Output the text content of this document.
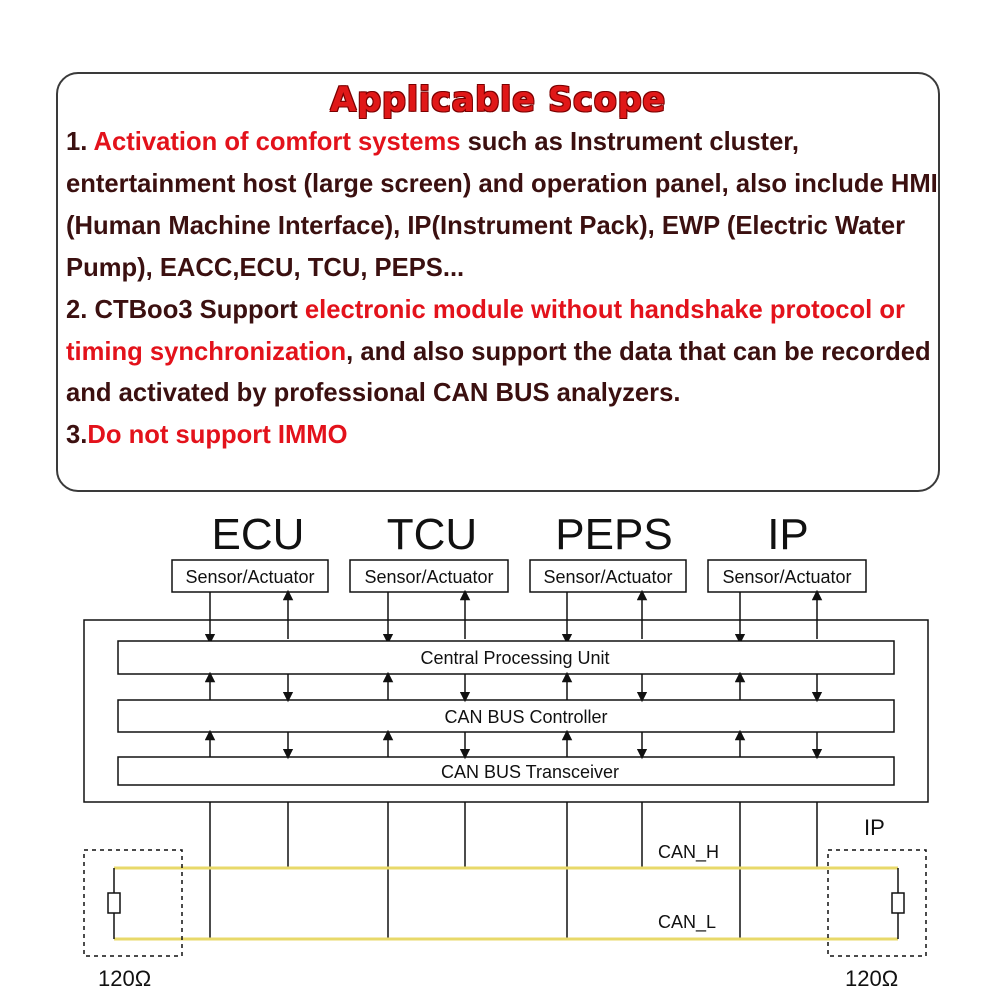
Applicable Scope

1. Activation of comfort systems such as Instrument cluster, entertainment host (large screen) and operation panel, also include HMI (Human Machine Interface), IP(Instrument Pack), EWP (Electric Water Pump), EACC,ECU, TCU, PEPS...

2. CTBoo3 Support electronic module without handshake protocol or timing synchronization, and also support the data that can be recorded and activated by professional CAN BUS analyzers.

3.Do not support IMMO

ECU TCU PEPS IP
Sensor/Actuator	Sensor/Actuator	Sensor/Actuator	Sensor/Actuator
Central Processing Unit
CAN BUS Controller
CAN BUS Transceiver
CAN_H
CAN_L
120Ω
IP
120Ω
